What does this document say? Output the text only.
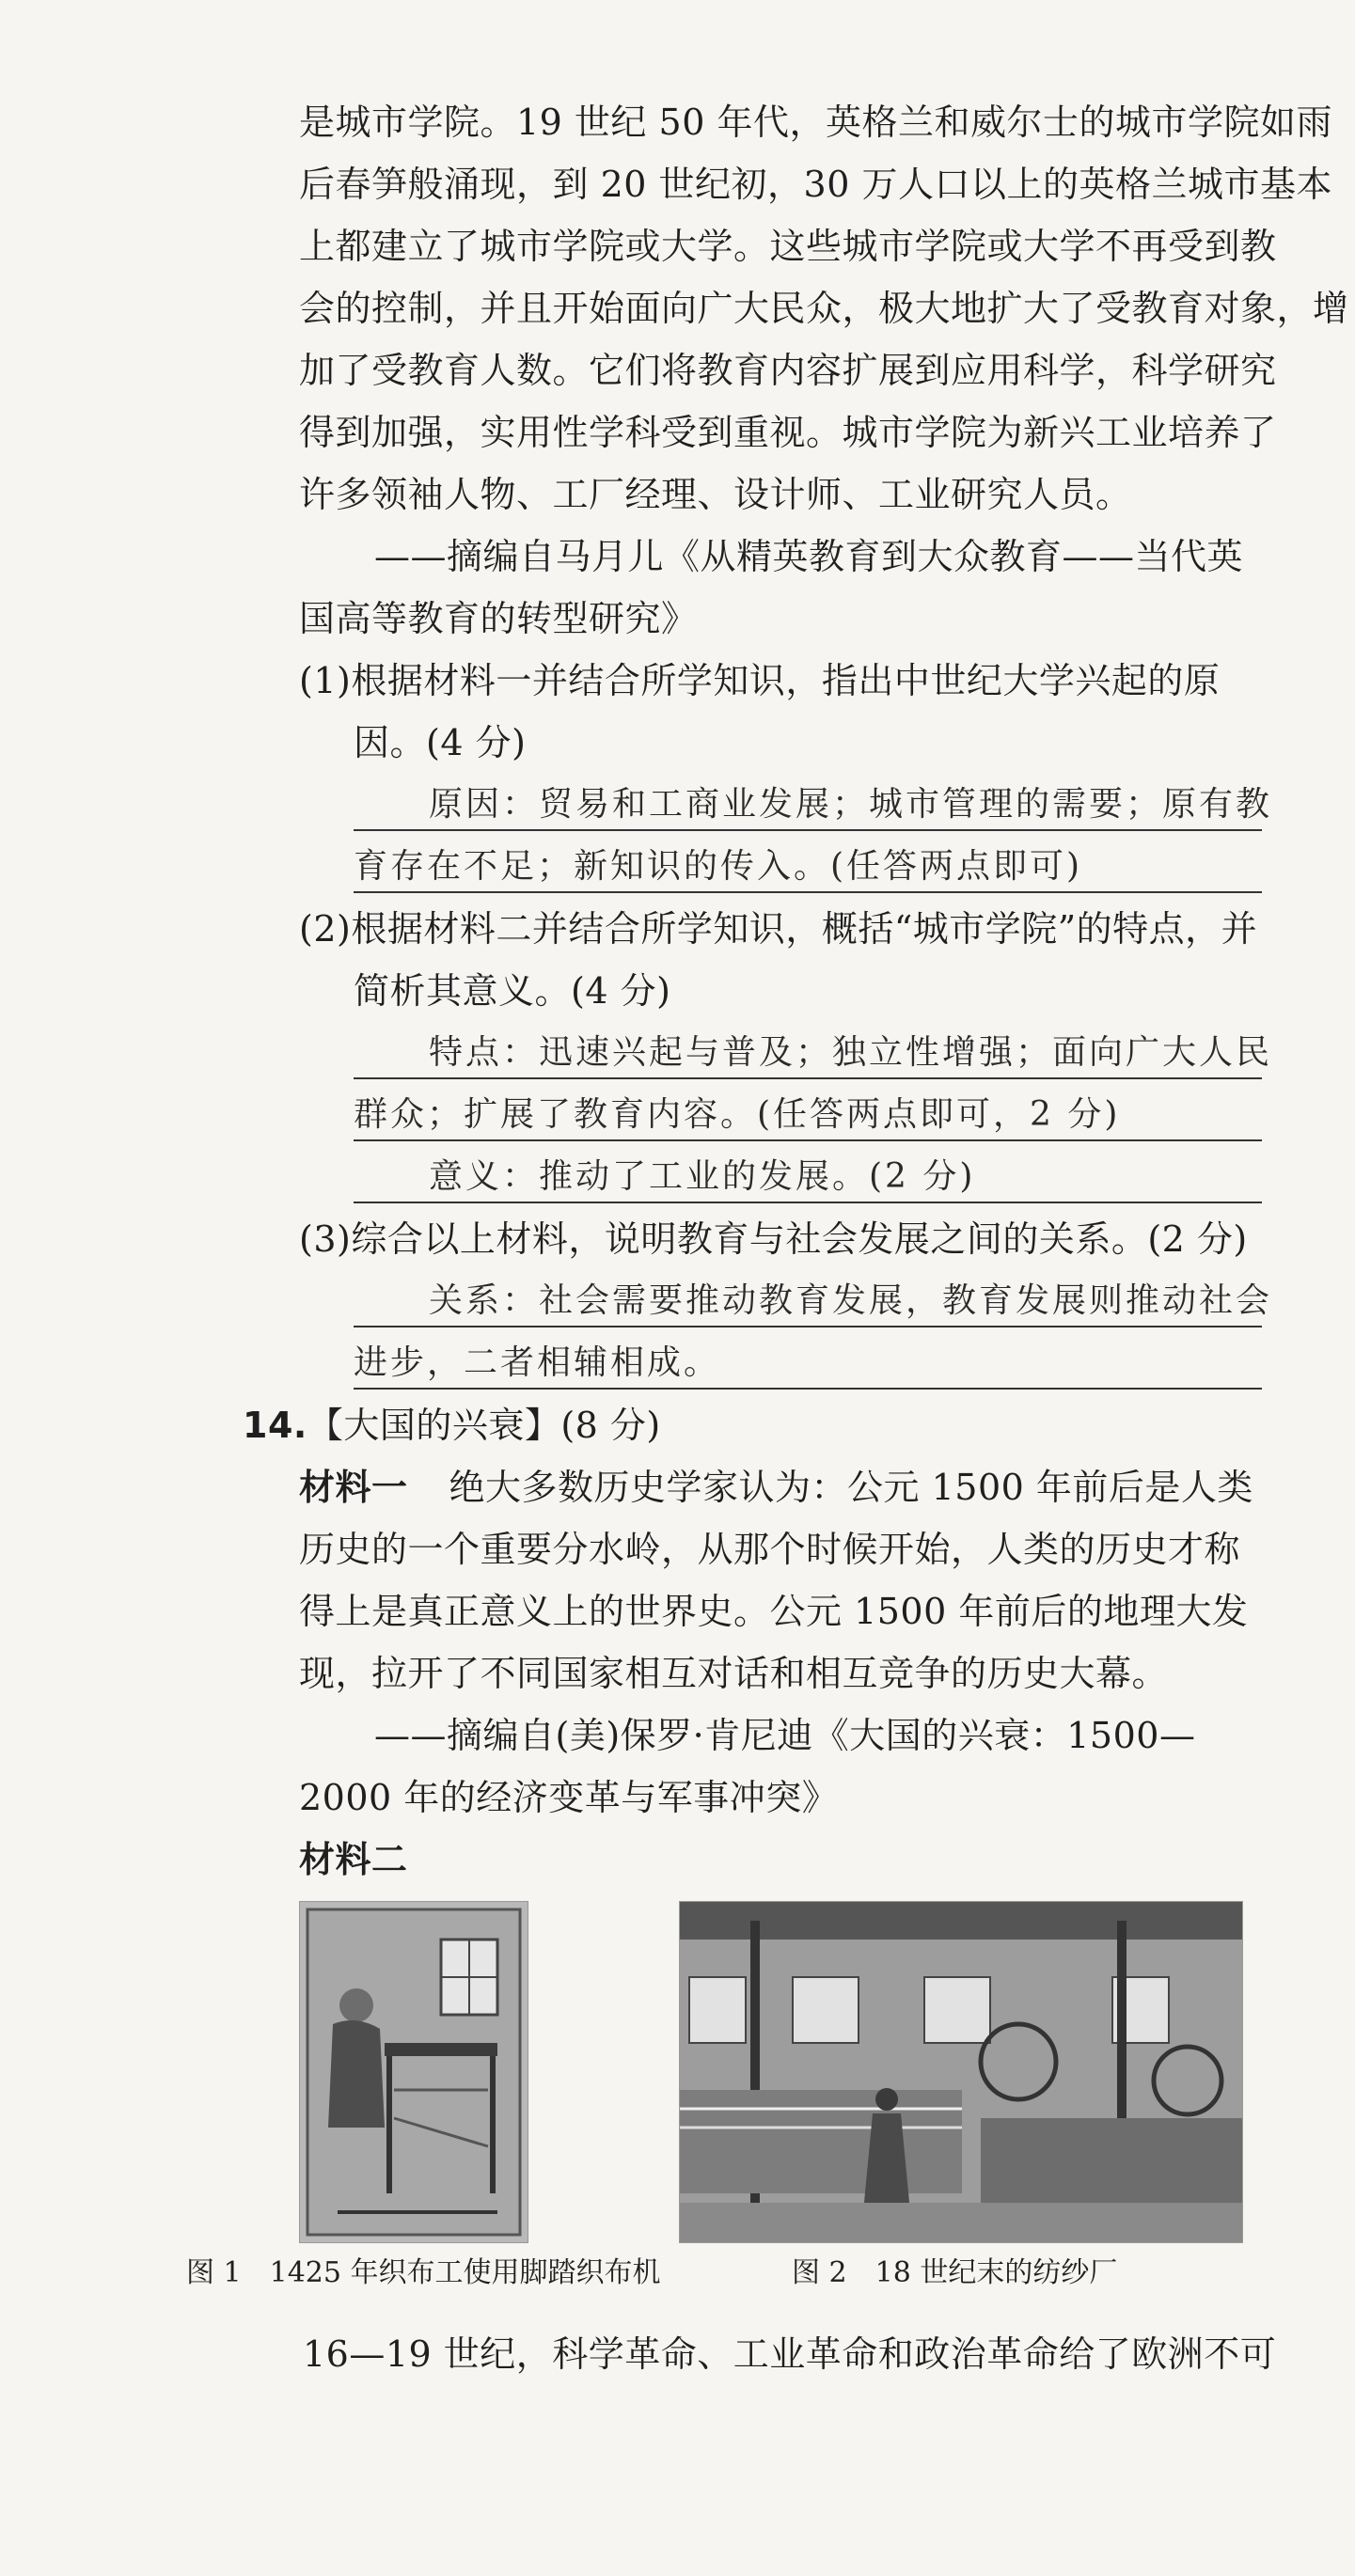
是城市学院。19 世纪 50 年代，英格兰和威尔士的城市学院如雨
后春笋般涌现，到 20 世纪初，30 万人口以上的英格兰城市基本
上都建立了城市学院或大学。这些城市学院或大学不再受到教
会的控制，并且开始面向广大民众，极大地扩大了受教育对象，增
加了受教育人数。它们将教育内容扩展到应用科学，科学研究
得到加强，实用性学科受到重视。城市学院为新兴工业培养了
许多领袖人物、工厂经理、设计师、工业研究人员。
——摘编自马月儿《从精英教育到大众教育——当代英
国高等教育的转型研究》
(1)根据材料一并结合所学知识，指出中世纪大学兴起的原
因。(4 分)
原因：贸易和工商业发展；城市管理的需要；原有教
育存在不足；新知识的传入。(任答两点即可)
(2)根据材料二并结合所学知识，概括“城市学院”的特点，并
简析其意义。(4 分)
特点：迅速兴起与普及；独立性增强；面向广大人民
群众；扩展了教育内容。(任答两点即可，2 分)
意义：推动了工业的发展。(2 分)
(3)综合以上材料，说明教育与社会发展之间的关系。(2 分)
关系：社会需要推动教育发展，教育发展则推动社会
进步，二者相辅相成。
14.【大国的兴衰】(8 分)
材料一 绝大多数历史学家认为：公元 1500 年前后是人类
历史的一个重要分水岭，从那个时候开始，人类的历史才称
得上是真正意义上的世界史。公元 1500 年前后的地理大发
现，拉开了不同国家相互对话和相互竞争的历史大幕。
——摘编自(美)保罗·肯尼迪《大国的兴衰：1500—
2000 年的经济变革与军事冲突》
材料二
图 1　1425 年织布工使用脚踏织布机	图 2　18 世纪末的纺纱厂
16—19 世纪，科学革命、工业革命和政治革命给了欧洲不可
